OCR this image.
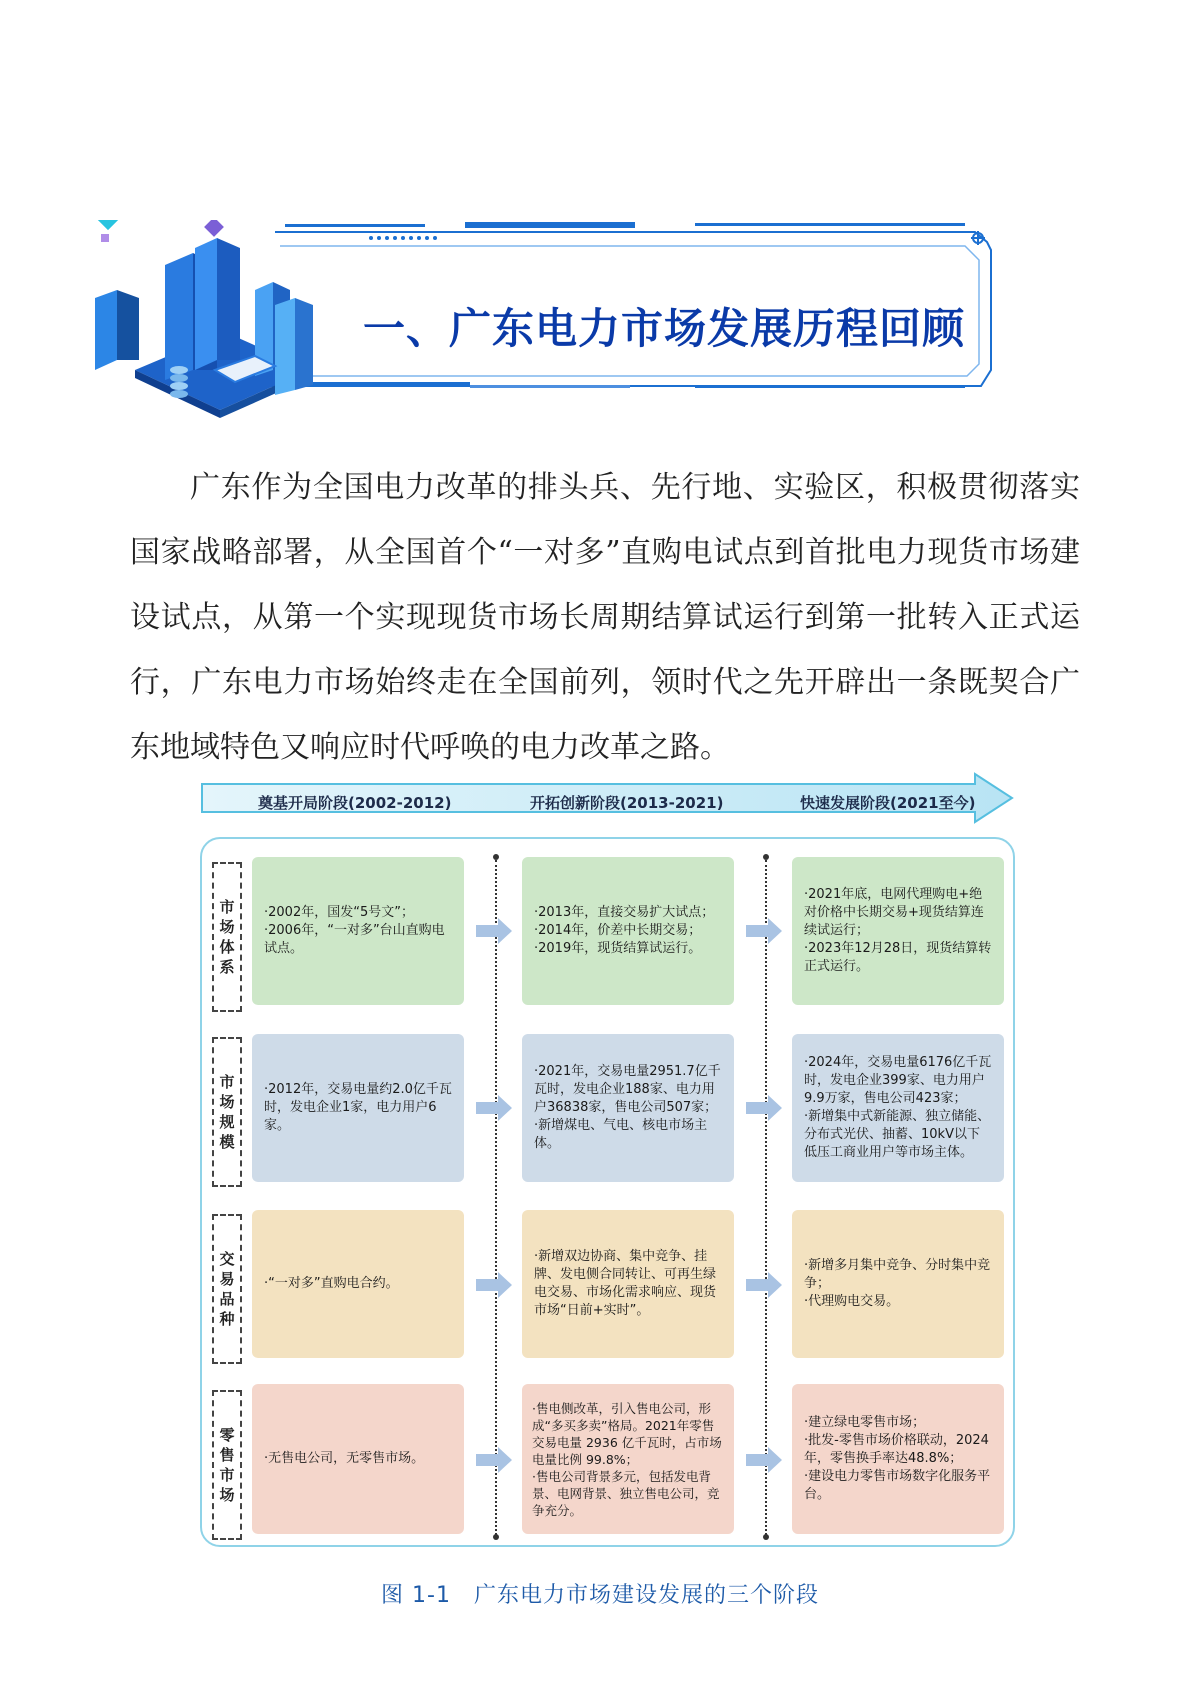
一、广东电力市场发展历程回顾

广东作为全国电力改革的排头兵、先行地、实验区，积极贯彻落实国家战略部署，从全国首个“一对多”直购电试点到首批电力现货市场建设试点，从第一个实现现货市场长周期结算试运行到第一批转入正式运行，广东电力市场始终走在全国前列，领时代之先开辟出一条既契合广东地域特色又响应时代呼唤的电力改革之路。

奠基开局阶段(2002-2012)	开拓创新阶段(2013-2021)	快速发展阶段(2021至今)
市场体系
·2002年，国发“5号文”；
·2006年，“一对多”台山直购电试点。
·2013年，直接交易扩大试点；
·2014年，价差中长期交易；
·2019年，现货结算试运行。
·2021年底，电网代理购电+绝对价格中长期交易+现货结算连续试运行；
·2023年12月28日，现货结算转正式运行。
市场规模
·2012年，交易电量约2.0亿千瓦时，发电企业1家，电力用户6家。
·2021年，交易电量2951.7亿千瓦时，发电企业188家、电力用户36838家，售电公司507家；
·新增煤电、气电、核电市场主体。
·2024年，交易电量6176亿千瓦时，发电企业399家、电力用户9.9万家，售电公司423家；
·新增集中式新能源、独立储能、分布式光伏、抽蓄、10kV以下低压工商业用户等市场主体。
交易品种
·“一对多”直购电合约。
·新增双边协商、集中竞争、挂牌、发电侧合同转让、可再生绿电交易、市场化需求响应、现货市场“日前+实时”。
·新增多月集中竞争、分时集中竞争；
·代理购电交易。
零售市场
·无售电公司，无零售市场。
·售电侧改革，引入售电公司，形成“多买多卖”格局。2021年零售交易电量 2936 亿千瓦时，占市场电量比例 99.8%；
·售电公司背景多元，包括发电背景、电网背景、独立售电公司，竞争充分。
·建立绿电零售市场；
·批发-零售市场价格联动，2024年，零售换手率达48.8%；
·建设电力零售市场数字化服务平台。
图 1-1　广东电力市场建设发展的三个阶段
